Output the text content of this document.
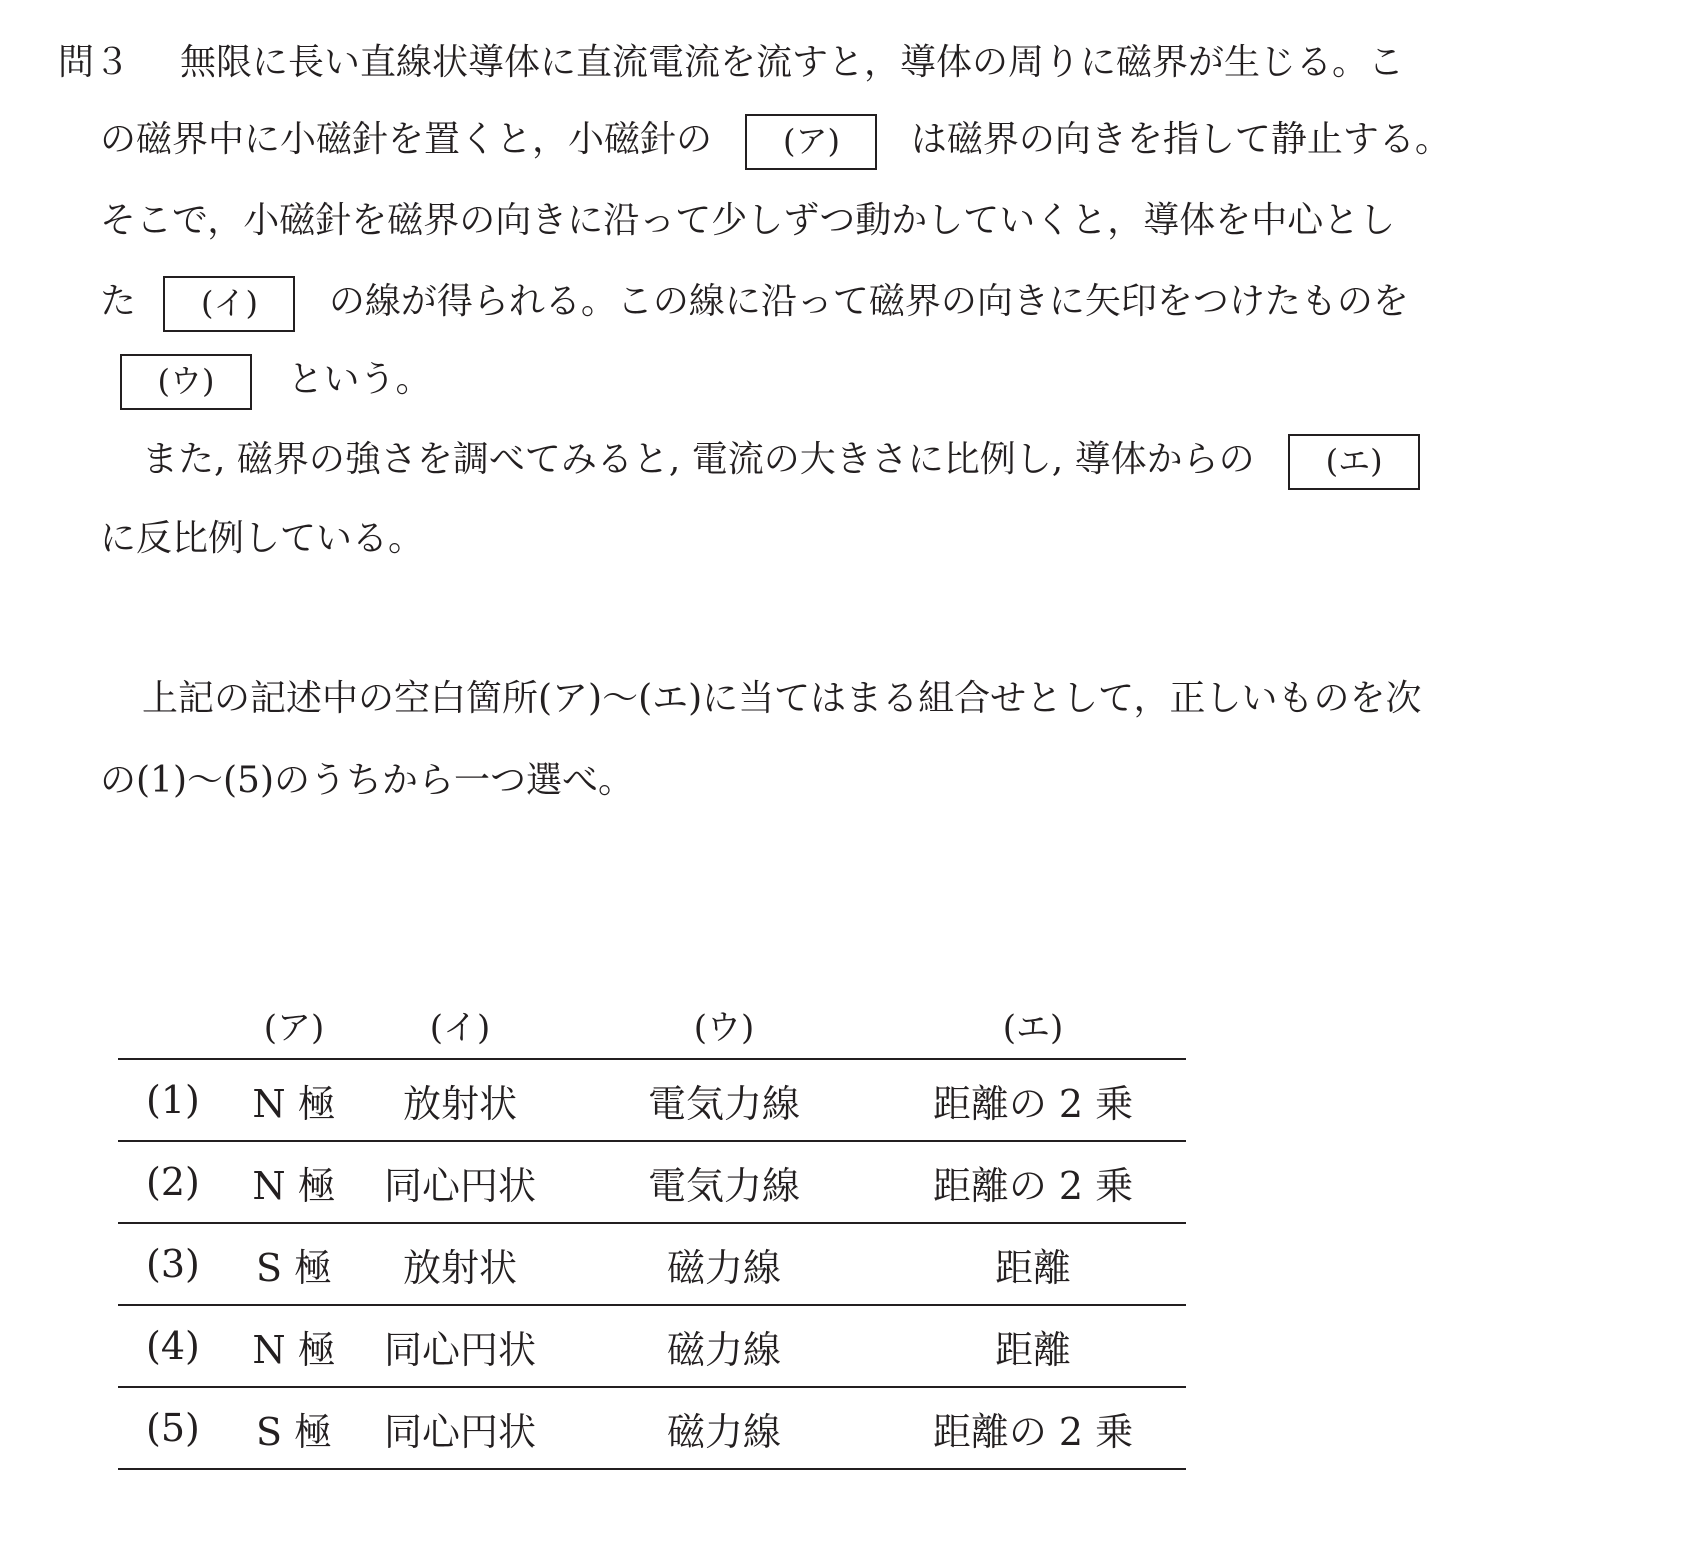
問３ 無限に長い直線状導体に直流電流を流すと，導体の周りに磁界が生じる。こ
の磁界中に小磁針を置くと，小磁針の (ア) は磁界の向きを指して静止する。
そこで，小磁針を磁界の向きに沿って少しずつ動かしていくと，導体を中心とし
た (イ) の線が得られる。この線に沿って磁界の向きに矢印をつけたものを
(ウ) という。
また, 磁界の強さを調べてみると, 電流の大きさに比例し, 導体からの (エ)
に反比例している。
上記の記述中の空白箇所(ア)～(エ)に当てはまる組合せとして，正しいものを次
の(1)～(5)のうちから一つ選べ。
	(ア)	(イ)	(ウ)	(エ)
(1)	N 極	放射状	電気力線	距離の 2 乗
(2)	N 極	同心円状	電気力線	距離の 2 乗
(3)	S 極	放射状	磁力線	距離
(4)	N 極	同心円状	磁力線	距離
(5)	S 極	同心円状	磁力線	距離の 2 乗
